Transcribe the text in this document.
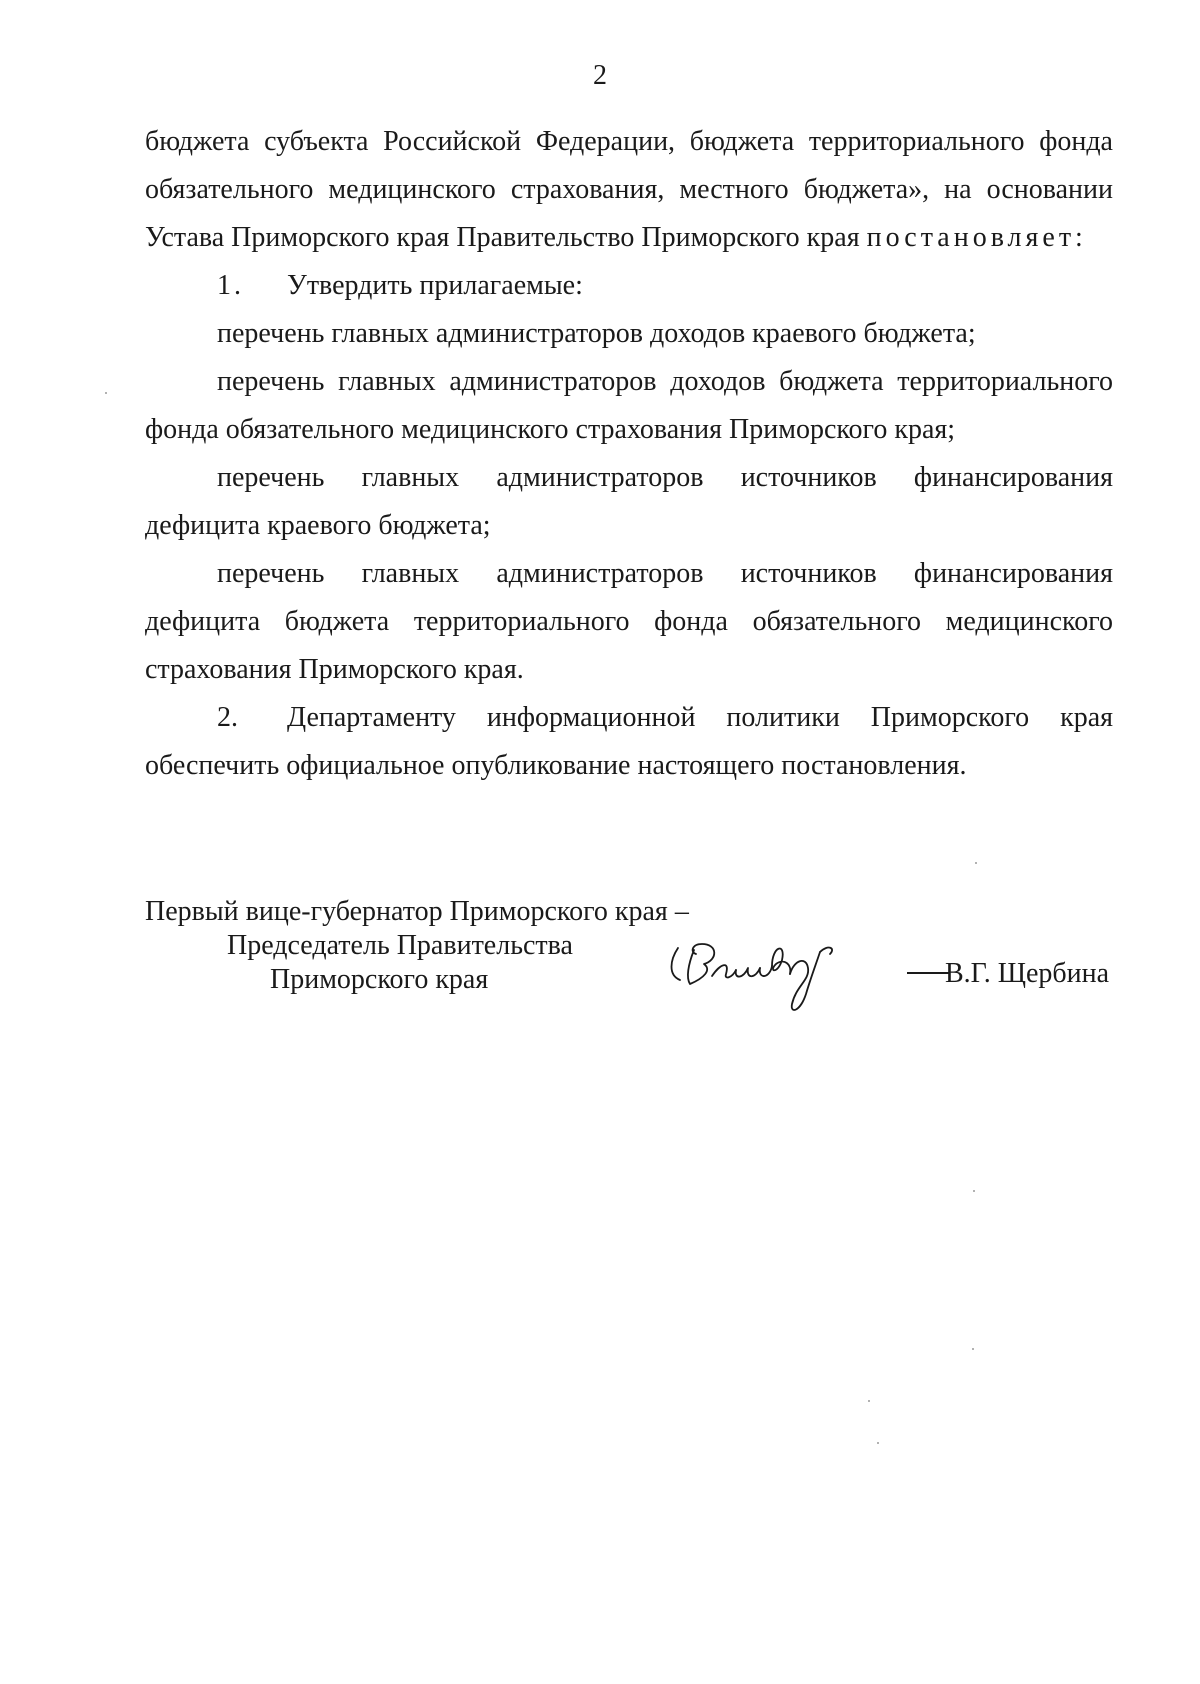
2

бюджета субъекта Российской Федерации, бюджета территориального фонда обязательного медицинского страхования, местного бюджета», на основании Устава Приморского края Правительство Приморского края постановляет:

1. Утвердить прилагаемые:

перечень главных администраторов доходов краевого бюджета;

перечень главных администраторов доходов бюджета территориального фонда обязательного медицинского страхования Приморского края;

перечень главных администраторов источников финансирования дефицита краевого бюджета;

перечень главных администраторов источников финансирования дефицита бюджета территориального фонда обязательного медицинского страхования Приморского края.

2. Департаменту информационной политики Приморского края обеспечить официальное опубликование настоящего постановления.

Первый вице-губернатор Приморского края –

Председатель Правительства

Приморского края	В.Г. Щербина
